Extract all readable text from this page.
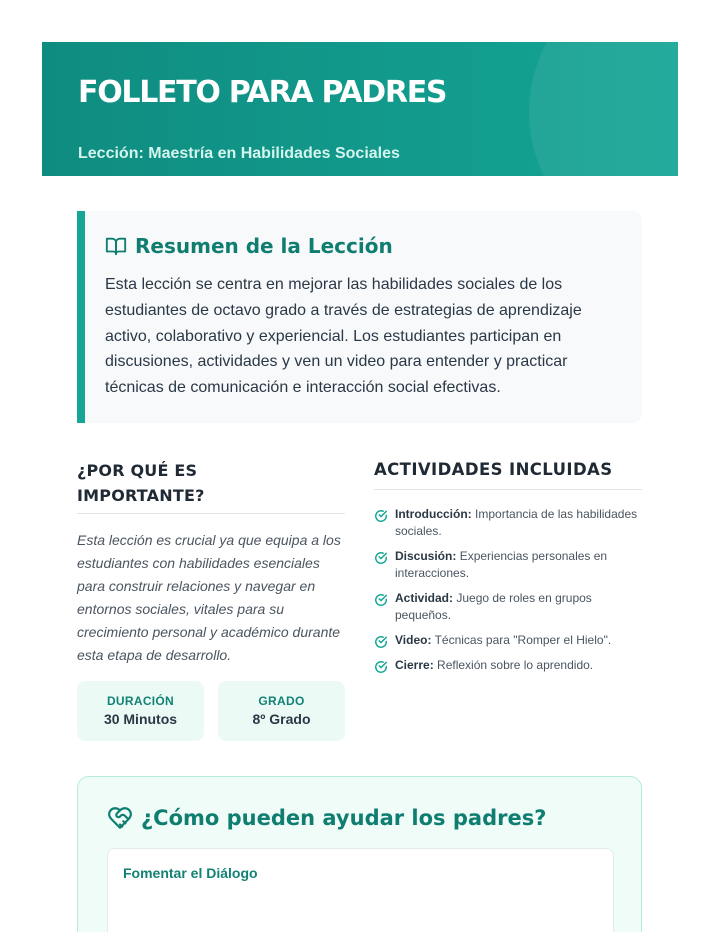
FOLLETO PARA PADRES
Lección: Maestría en Habilidades Sociales
Resumen de la Lección
Esta lección se centra en mejorar las habilidades sociales de los estudiantes de octavo grado a través de estrategias de aprendizaje activo, colaborativo y experiencial. Los estudiantes participan en discusiones, actividades y ven un video para entender y practicar técnicas de comunicación e interacción social efectivas.
¿POR QUÉ ES IMPORTANTE?
Esta lección es crucial ya que equipa a los estudiantes con habilidades esenciales para construir relaciones y navegar en entornos sociales, vitales para su crecimiento personal y académico durante esta etapa de desarrollo.
DURACIÓN
30 Minutos
GRADO
8º Grado
ACTIVIDADES INCLUIDAS
Introducción: Importancia de las habilidades sociales.
Discusión: Experiencias personales en interacciones.
Actividad: Juego de roles en grupos pequeños.
Video: Técnicas para "Romper el Hielo".
Cierre: Reflexión sobre lo aprendido.
¿Cómo pueden ayudar los padres?
Fomentar el Diálogo
